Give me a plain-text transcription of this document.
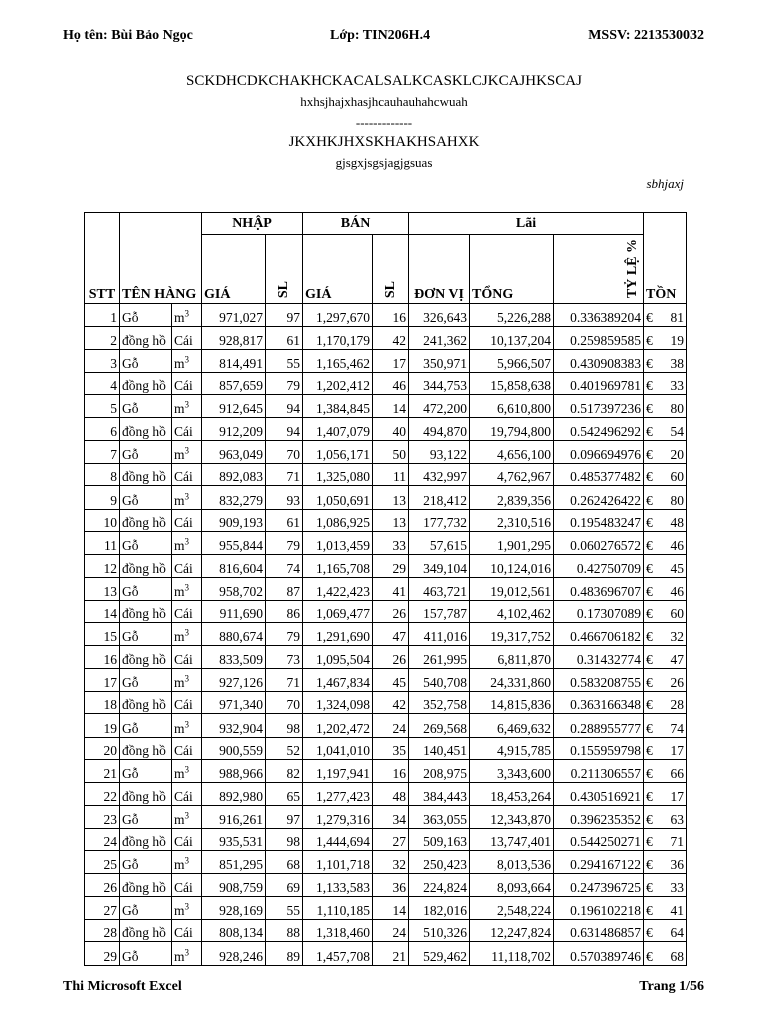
Họ tên: Bùi Bảo Ngọc	Lớp: TIN206H.4	MSSV: 2213530032
SCKDHCDKCHAKHCKACALSALKCASKLCJKCAJHKSCAJ
hxhsjhajxhasjhcauhauhahcwuah
-------------
JKXHKJHXSKHAKHSAHXK
gjsgxjsgsjagjgsuas
sbhjaxj
STT	TÊN HÀNG		NHẬP		BÁN		Lãi			TỒN
			GIÁ	SL	GIÁ	SL	ĐƠN VỊ	TỔNG	TỶ LỆ %	
1	Gỗ	$m^3$	971,027	97	1,297,670	16	326,643	5,226,288	0.336389204	€ 81
2	đồng hồ	Cái	928,817	61	1,170,179	42	241,362	10,137,204	0.259859585	€ 19
3	Gỗ	$m^3$	814,491	55	1,165,462	17	350,971	5,966,507	0.430908383	€ 38
4	đồng hồ	Cái	857,659	79	1,202,412	46	344,753	15,858,638	0.401969781	€ 33
5	Gỗ	$m^3$	912,645	94	1,384,845	14	472,200	6,610,800	0.517397236	€ 80
6	đồng hồ	Cái	912,209	94	1,407,079	40	494,870	19,794,800	0.542496292	€ 54
7	Gỗ	$m^3$	963,049	70	1,056,171	50	93,122	4,656,100	0.096694976	€ 20
8	đồng hồ	Cái	892,083	71	1,325,080	11	432,997	4,762,967	0.485377482	€ 60
9	Gỗ	$m^3$	832,279	93	1,050,691	13	218,412	2,839,356	0.262426422	€ 80
10	đồng hồ	Cái	909,193	61	1,086,925	13	177,732	2,310,516	0.195483247	€ 48
11	Gỗ	$m^3$	955,844	79	1,013,459	33	57,615	1,901,295	0.060276572	€ 46
12	đồng hồ	Cái	816,604	74	1,165,708	29	349,104	10,124,016	0.42750709	€ 45
13	Gỗ	$m^3$	958,702	87	1,422,423	41	463,721	19,012,561	0.483696707	€ 46
14	đồng hồ	Cái	911,690	86	1,069,477	26	157,787	4,102,462	0.17307089	€ 60
15	Gỗ	$m^3$	880,674	79	1,291,690	47	411,016	19,317,752	0.466706182	€ 32
16	đồng hồ	Cái	833,509	73	1,095,504	26	261,995	6,811,870	0.31432774	€ 47
17	Gỗ	$m^3$	927,126	71	1,467,834	45	540,708	24,331,860	0.583208755	€ 26
18	đồng hồ	Cái	971,340	70	1,324,098	42	352,758	14,815,836	0.363166348	€ 28
19	Gỗ	$m^3$	932,904	98	1,202,472	24	269,568	6,469,632	0.288955777	€ 74
20	đồng hồ	Cái	900,559	52	1,041,010	35	140,451	4,915,785	0.155959798	€ 17
21	Gỗ	$m^3$	988,966	82	1,197,941	16	208,975	3,343,600	0.211306557	€ 66
22	đồng hồ	Cái	892,980	65	1,277,423	48	384,443	18,453,264	0.430516921	€ 17
23	Gỗ	$m^3$	916,261	97	1,279,316	34	363,055	12,343,870	0.396235352	€ 63
24	đồng hồ	Cái	935,531	98	1,444,694	27	509,163	13,747,401	0.544250271	€ 71
25	Gỗ	$m^3$	851,295	68	1,101,718	32	250,423	8,013,536	0.294167122	€ 36
26	đồng hồ	Cái	908,759	69	1,133,583	36	224,824	8,093,664	0.247396725	€ 33
27	Gỗ	$m^3$	928,169	55	1,110,185	14	182,016	2,548,224	0.196102218	€ 41
28	đồng hồ	Cái	808,134	88	1,318,460	24	510,326	12,247,824	0.631486857	€ 64
29	Gỗ	$m^3$	928,246	89	1,457,708	21	529,462	11,118,702	0.570389746	€ 68
Thi Microsoft Excel	Trang 1/56
